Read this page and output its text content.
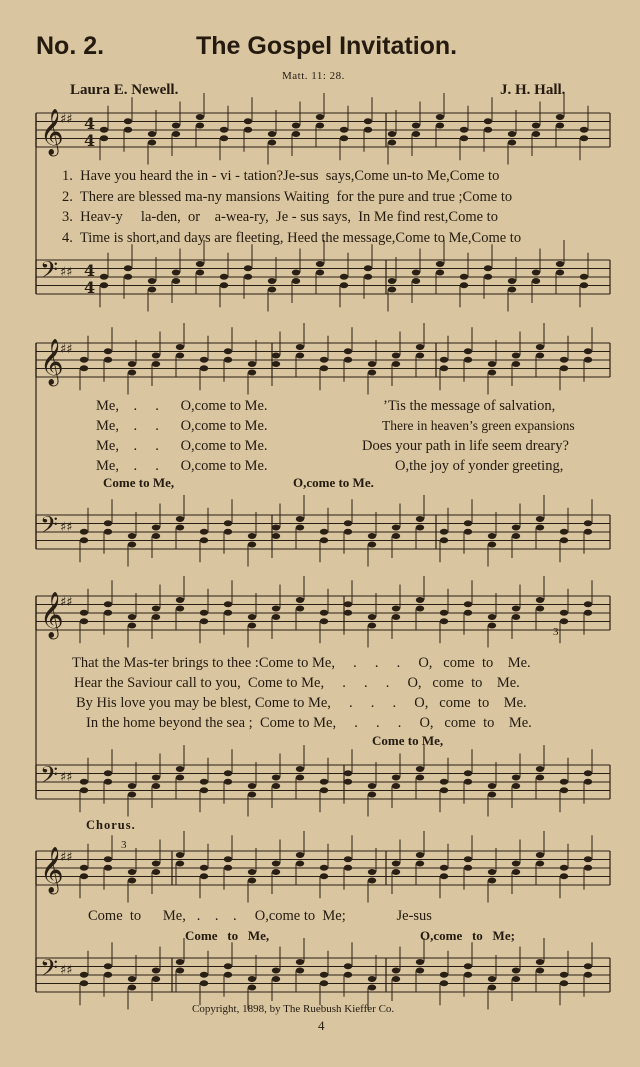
No. 2.	The Gospel Invitation.
Matt. 11: 28.
Laura E. Newell.	J. H. Hall.
𝄞
♯♯ 4
4
𝄢 ♯♯ 4
4
𝄞
♯♯
𝄢 ♯♯
𝄞
♯♯
𝄢 ♯♯
𝄞
♯♯
𝄢 ♯♯
1.  Have you heard the in - vi - tation?Je-sus  says,Come un-to Me,Come to
2.  There are blessed ma-ny mansions Waiting  for the pure and true ;Come to
3.  Heav-y     la-den,  or    a-wea-ry,  Je - sus says,  In Me find rest,Come to
4.  Time is short,and days are fleeting, Heed the message,Come to Me,Come to
Me,    .     .      O,come to Me.
Me,    .     .      O,come to Me.
Me,    .     .      O,come to Me.
Me,    .     .      O,come to Me.
’Tis the message of salvation,
There in heaven’s green expansions
Does your path in life seem dreary?
O,the joy of yonder greeting,
Come to Me,	O,come to Me.
That the Mas-ter brings to thee :Come to Me,     .     .     .     O,   come  to    Me.
Hear the Saviour call to you,  Come to Me,     .     .     .     O,   come  to    Me.
By His love you may be blest, Come to Me,     .     .     .     O,   come  to    Me.
In the home beyond the sea ;  Come to Me,     .     .     .     O,   come  to    Me.
Come to Me,
3
Chorus.
3
Come  to      Me,   .    .    .     O,come to  Me;              Je-sus
Come   to   Me,	O,come   to   Me;
Copyright, 1898, by The Ruebush Kieffer Co.
4
